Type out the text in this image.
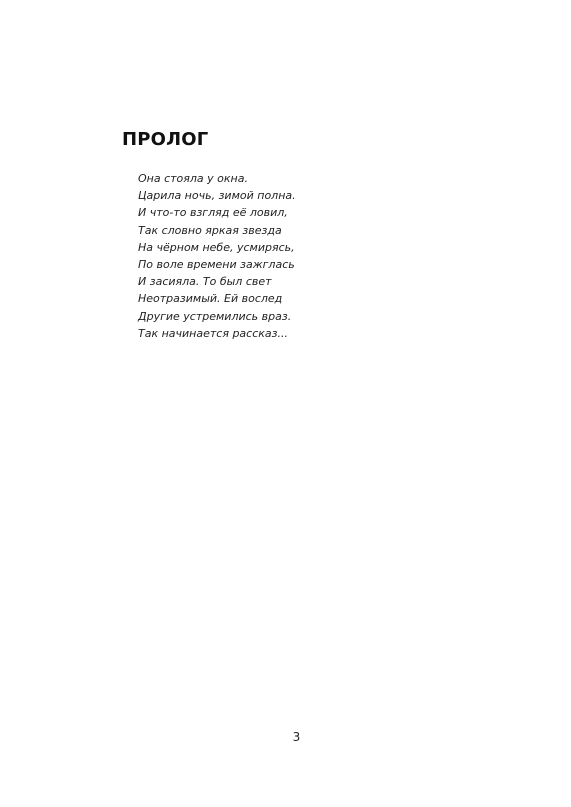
ПРОЛОГ
Она стояла у окна.
Царила ночь, зимой полна.
И что-то взгляд её ловил,
Так словно яркая звезда
На чёрном небе, усмирясь,
По воле времени зажглась
И засияла. То был свет
Неотразимый. Ей вослед
Другие устремились враз.
Так начинается рассказ...
3
